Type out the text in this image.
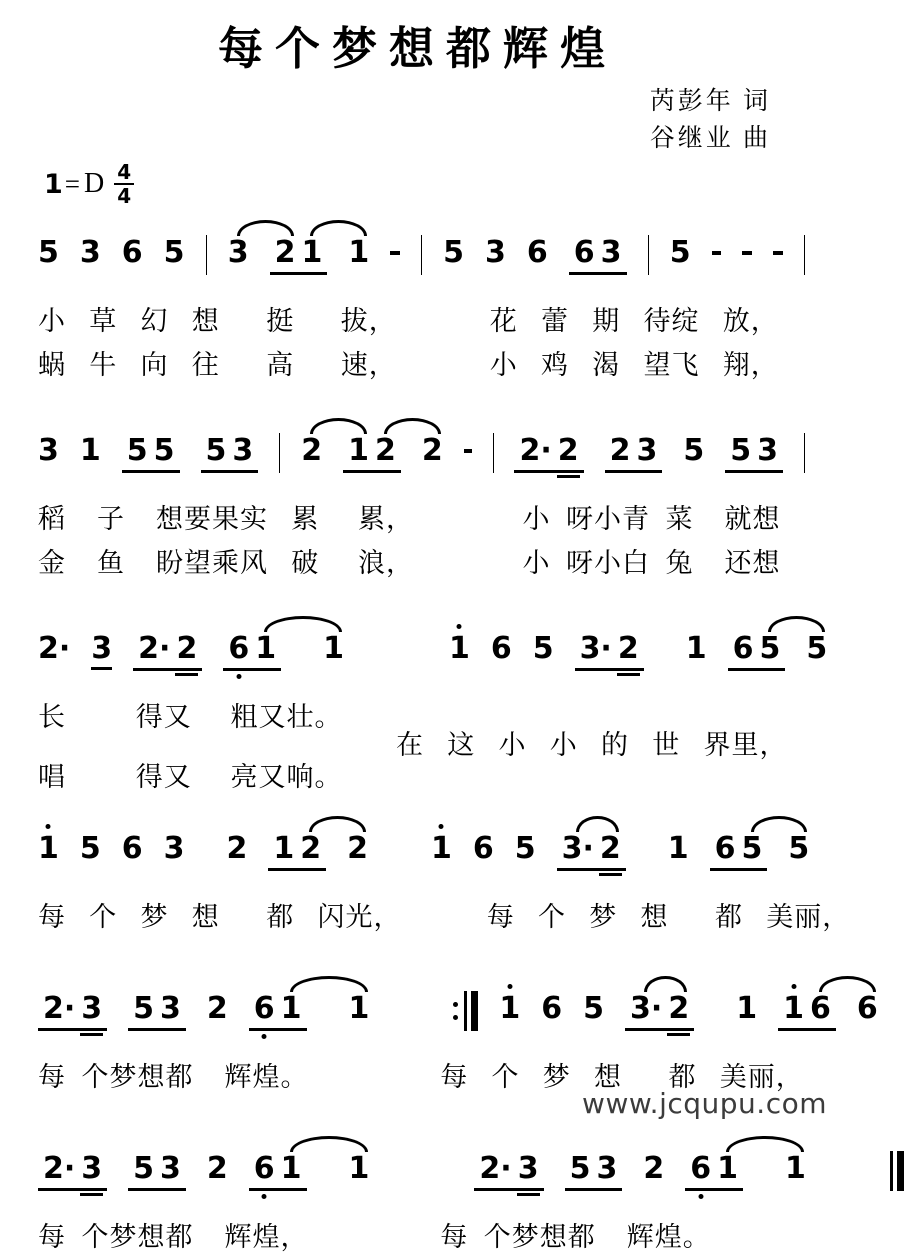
每个梦想都辉煌
芮彭年 词
谷继业 曲
1 = D $\frac{4}{4}$
5 3 6 5 3 2 1 1 5 3 6 6 3 5
小   草   幻   想      挺      拔，            花   蕾   期   待绽   放，
蜗   牛   向   往      高      速，            小   鸡   渴   望飞   翔，
3 1 5 5 5 3 2 1 2 2	2· 2 2 3 5 5 3
稻    子    想要果实   累     累，              小  呀小青  菜    就想
金    鱼    盼望乘风   破     浪，              小  呀小白  兔    还想
2· 3 2· 2 6 1 1	1 6 5 3· 2 1 6 5 5
长         得又     粗又壮。
在   这   小   小   的   世   界里，
唱         得又     亮又响。
1 5 6 3 2 1 2 2 1 6 5 3· 2 1 6 5 5
每   个   梦   想      都   闪光，           每   个   梦   想      都   美丽，
2· 3 5 3 2 6 1 1	1 6 5 3· 2 1 1 6 6
每  个梦想都    辉煌。                 每   个   梦   想      都   美丽，
2· 3 5 3 2 6 1 1	2· 3 5 3 2 6 1 1
每  个梦想都    辉煌，                 每  个梦想都    辉煌。
www.jcqupu.com
